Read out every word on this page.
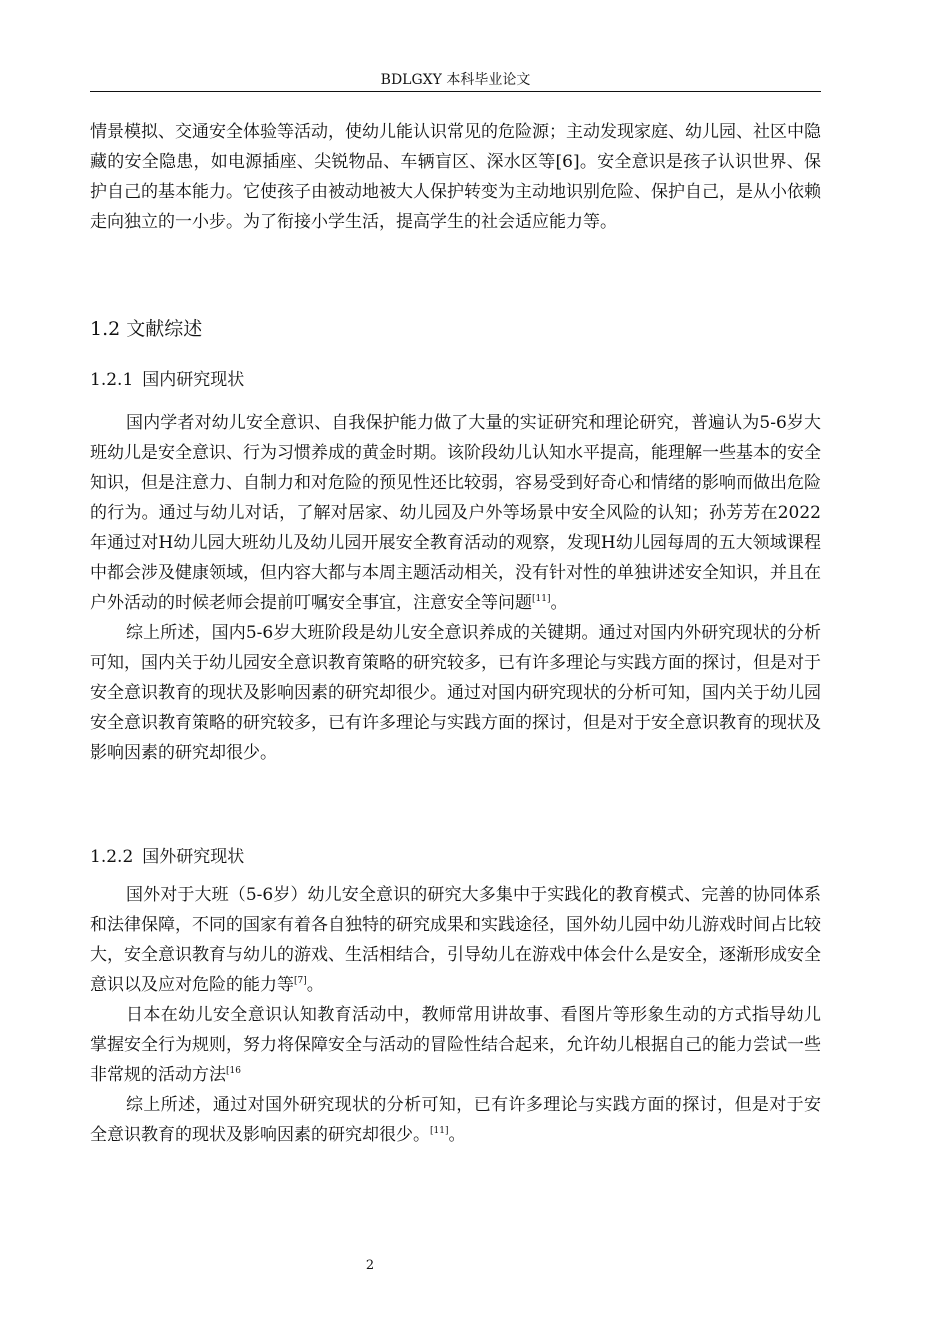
BDLGXY 本科毕业论文

情景模拟、交通安全体验等活动，使幼儿能认识常见的危险源；主动发现家庭、幼儿园、社区中隐藏的安全隐患，如电源插座、尖锐物品、车辆盲区、深水区等[6]。安全意识是孩子认识世界、保护自己的基本能力。它使孩子由被动地被大人保护转变为主动地识别危险、保护自己，是从小依赖走向独立的一小步。为了衔接小学生活，提高学生的社会适应能力等。

1.2 文献综述
1.2.1 国内研究现状

国内学者对幼儿安全意识、自我保护能力做了大量的实证研究和理论研究，普遍认为5-6岁大班幼儿是安全意识、行为习惯养成的黄金时期。该阶段幼儿认知水平提高，能理解一些基本的安全知识，但是注意力、自制力和对危险的预见性还比较弱，容易受到好奇心和情绪的影响而做出危险的行为。通过与幼儿对话，了解对居家、幼儿园及户外等场景中安全风险的认知；孙芳芳在2022年通过对H幼儿园大班幼儿及幼儿园开展安全教育活动的观察，发现H幼儿园每周的五大领域课程中都会涉及健康领域，但内容大都与本周主题活动相关，没有针对性的单独讲述安全知识，并且在户外活动的时候老师会提前叮嘱安全事宜，注意安全等问题[11]。

综上所述，国内5-6岁大班阶段是幼儿安全意识养成的关键期。通过对国内外研究现状的分析可知，国内关于幼儿园安全意识教育策略的研究较多，已有许多理论与实践方面的探讨，但是对于安全意识教育的现状及影响因素的研究却很少。通过对国内研究现状的分析可知，国内关于幼儿园安全意识教育策略的研究较多，已有许多理论与实践方面的探讨，但是对于安全意识教育的现状及影响因素的研究却很少。

1.2.2 国外研究现状

国外对于大班（5-6岁）幼儿安全意识的研究大多集中于实践化的教育模式、完善的协同体系和法律保障，不同的国家有着各自独特的研究成果和实践途径，国外幼儿园中幼儿游戏时间占比较大，安全意识教育与幼儿的游戏、生活相结合，引导幼儿在游戏中体会什么是安全，逐渐形成安全意识以及应对危险的能力等[7]。

日本在幼儿安全意识认知教育活动中，教师常用讲故事、看图片等形象生动的方式指导幼儿掌握安全行为规则，努力将保障安全与活动的冒险性结合起来，允许幼儿根据自己的能力尝试一些非常规的活动方法$^{[16}$

综上所述，通过对国外研究现状的分析可知，已有许多理论与实践方面的探讨，但是对于安全意识教育的现状及影响因素的研究却很少。[11]。

2
